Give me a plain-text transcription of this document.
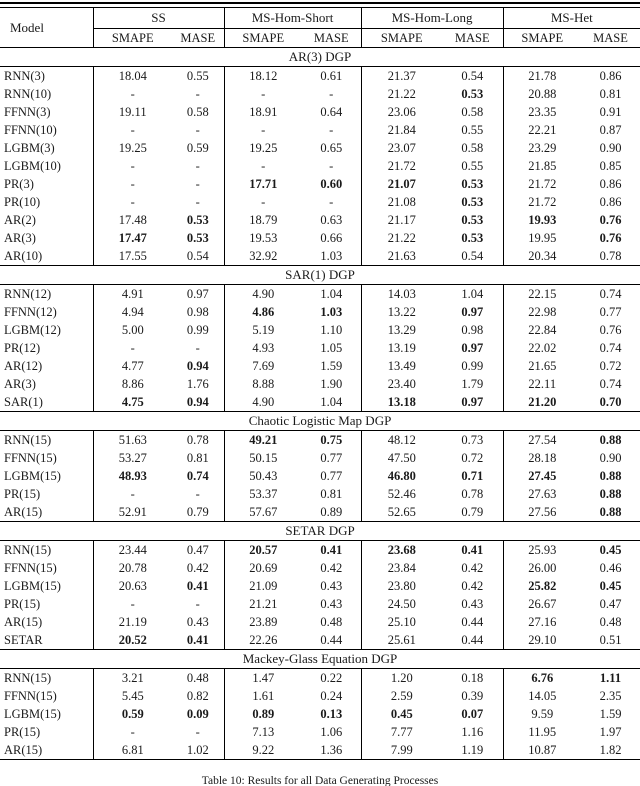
Model	SS		MS-Hom-Short		MS-Hom-Long		MS-Het	
	SMAPE	MASE	SMAPE	MASE	SMAPE	MASE	SMAPE	MASE
AR(3) DGP								
RNN(3)	18.04	0.55	18.12	0.61	21.37	0.54	21.78	0.86
RNN(10)	-	-	-	-	21.22	0.53	20.88	0.81
FFNN(3)	19.11	0.58	18.91	0.64	23.06	0.58	23.35	0.91
FFNN(10)	-	-	-	-	21.84	0.55	22.21	0.87
LGBM(3)	19.25	0.59	19.25	0.65	23.07	0.58	23.29	0.90
LGBM(10)	-	-	-	-	21.72	0.55	21.85	0.85
PR(3)	-	-	17.71	0.60	21.07	0.53	21.72	0.86
PR(10)	-	-	-	-	21.08	0.53	21.72	0.86
AR(2)	17.48	0.53	18.79	0.63	21.17	0.53	19.93	0.76
AR(3)	17.47	0.53	19.53	0.66	21.22	0.53	19.95	0.76
AR(10)	17.55	0.54	32.92	1.03	21.63	0.54	20.34	0.78
SAR(1) DGP								
RNN(12)	4.91	0.97	4.90	1.04	14.03	1.04	22.15	0.74
FFNN(12)	4.94	0.98	4.86	1.03	13.22	0.97	22.98	0.77
LGBM(12)	5.00	0.99	5.19	1.10	13.29	0.98	22.84	0.76
PR(12)	-	-	4.93	1.05	13.19	0.97	22.02	0.74
AR(12)	4.77	0.94	7.69	1.59	13.49	0.99	21.65	0.72
AR(3)	8.86	1.76	8.88	1.90	23.40	1.79	22.11	0.74
SAR(1)	4.75	0.94	4.90	1.04	13.18	0.97	21.20	0.70
Chaotic Logistic Map DGP								
RNN(15)	51.63	0.78	49.21	0.75	48.12	0.73	27.54	0.88
FFNN(15)	53.27	0.81	50.15	0.77	47.50	0.72	28.18	0.90
LGBM(15)	48.93	0.74	50.43	0.77	46.80	0.71	27.45	0.88
PR(15)	-	-	53.37	0.81	52.46	0.78	27.63	0.88
AR(15)	52.91	0.79	57.67	0.89	52.65	0.79	27.56	0.88
SETAR DGP								
RNN(15)	23.44	0.47	20.57	0.41	23.68	0.41	25.93	0.45
FFNN(15)	20.78	0.42	20.69	0.42	23.84	0.42	26.00	0.46
LGBM(15)	20.63	0.41	21.09	0.43	23.80	0.42	25.82	0.45
PR(15)	-	-	21.21	0.43	24.50	0.43	26.67	0.47
AR(15)	21.19	0.43	23.89	0.48	25.10	0.44	27.16	0.48
SETAR	20.52	0.41	22.26	0.44	25.61	0.44	29.10	0.51
Mackey-Glass Equation DGP								
RNN(15)	3.21	0.48	1.47	0.22	1.20	0.18	6.76	1.11
FFNN(15)	5.45	0.82	1.61	0.24	2.59	0.39	14.05	2.35
LGBM(15)	0.59	0.09	0.89	0.13	0.45	0.07	9.59	1.59
PR(15)	-	-	7.13	1.06	7.77	1.16	11.95	1.97
AR(15)	6.81	1.02	9.22	1.36	7.99	1.19	10.87	1.82
Table 10: Results for all Data Generating Processes
